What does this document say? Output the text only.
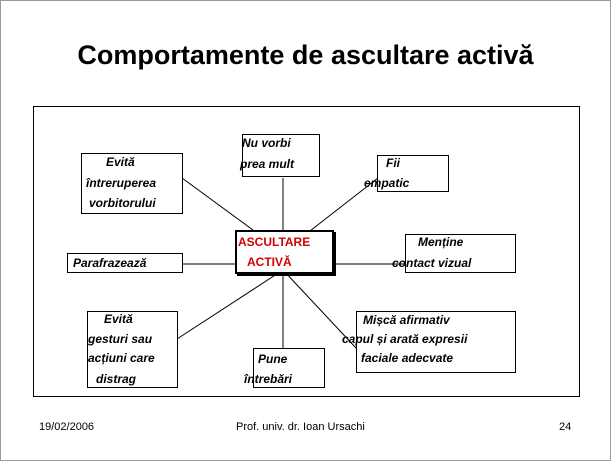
Comportamente de ascultare activă
ASCULTARE
ACTIVĂ
Nu vorbi
prea mult	Fii
empatic
Evită
întreruperea
vorbitorului
Parafrazează
Menține
contact vizual
Evită
gesturi sau
acțiuni care
distrag
Pune
întrebări
Mișcă afirmativ
capul și arată expresii
faciale adecvate
19/02/2006	Prof. univ. dr. Ioan Ursachi	24
